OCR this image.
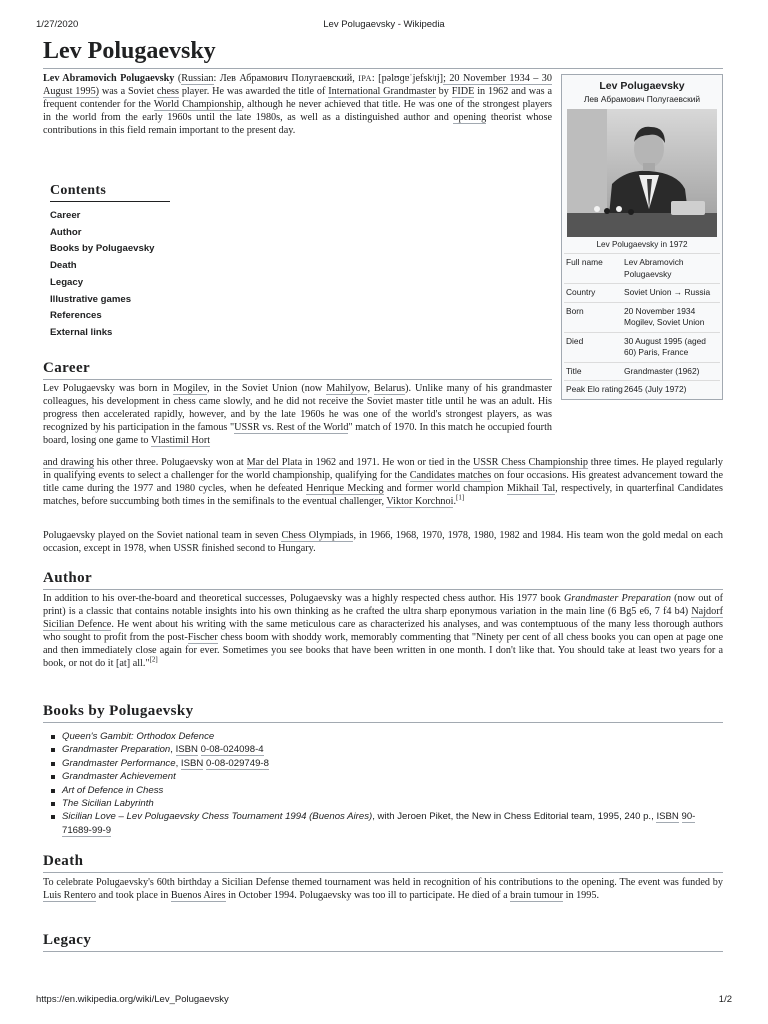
1/27/2020	Lev Polugaevsky - Wikipedia
Lev Polugaevsky

Lev Abramovich Polugaevsky (Russian: Лев Абрамович Полугаевский, IPA: [pəlʊɡɐˈjefskʲɪj]; 20 November 1934 – 30 August 1995) was a Soviet chess player. He was awarded the title of International Grandmaster by FIDE in 1962 and was a frequent contender for the World Championship, although he never achieved that title. He was one of the strongest players in the world from the early 1960s until the late 1980s, as well as a distinguished author and opening theorist whose contributions in this field remain important to the present day.

Lev Polugaevsky
Лев Абрамович Полугаевский
Lev Polugaevsky in 1972
Full name	Lev Abramovich Polugaevsky
Country	Soviet Union → Russia
Born	20 November 1934 Mogilev, Soviet Union
Died	30 August 1995 (aged 60) Paris, France
Title	Grandmaster (1962)
Peak Elo rating 2645 (July 1972)
Contents
Career
Author
Books by Polugaevsky
Death
Legacy
Illustrative games
References
External links
Career

Lev Polugaevsky was born in Mogilev, in the Soviet Union (now Mahilyow, Belarus). Unlike many of his grandmaster colleagues, his development in chess came slowly, and he did not receive the Soviet master title until he was an adult. His progress then accelerated rapidly, however, and by the late 1960s he was one of the world's strongest players, as was recognized by his participation in the famous "USSR vs. Rest of the World" match of 1970. In this match he occupied fourth board, losing one game to Vlastimil Hort

and drawing his other three. Polugaevsky won at Mar del Plata in 1962 and 1971. He won or tied in the USSR Chess Championship three times. He played regularly in qualifying events to select a challenger for the world championship, qualifying for the Candidates matches on four occasions. His greatest advancement toward the title came during the 1977 and 1980 cycles, when he defeated Henrique Mecking and former world champion Mikhail Tal, respectively, in quarterfinal Candidates matches, before succumbing both times in the semifinals to the eventual challenger, Viktor Korchnoi.[1]

Polugaevsky played on the Soviet national team in seven Chess Olympiads, in 1966, 1968, 1970, 1978, 1980, 1982 and 1984. His team won the gold medal on each occasion, except in 1978, when USSR finished second to Hungary.

Author

In addition to his over-the-board and theoretical successes, Polugaevsky was a highly respected chess author. His 1977 book Grandmaster Preparation (now out of print) is a classic that contains notable insights into his own thinking as he crafted the ultra sharp eponymous variation in the main line (6 Bg5 e6, 7 f4 b4) Najdorf Sicilian Defence. He went about his writing with the same meticulous care as characterized his analyses, and was contemptuous of the many less thorough authors who sought to profit from the post-Fischer chess boom with shoddy work, memorably commenting that "Ninety per cent of all chess books you can open at page one and then immediately close again for ever. Sometimes you see books that have been written in one month. I don't like that. You should take at least two years for a book, or not do it [at] all."[2]

Books by Polugaevsky
Queen's Gambit: Orthodox Defence
Grandmaster Preparation, ISBN 0-08-024098-4
Grandmaster Performance, ISBN 0-08-029749-8
Grandmaster Achievement
Art of Defence in Chess
The Sicilian Labyrinth
Sicilian Love – Lev Polugaevsky Chess Tournament 1994 (Buenos Aires), with Jeroen Piket, the New in Chess Editorial team, 1995, 240 p., ISBN 90-71689-99-9
Death

To celebrate Polugaevsky's 60th birthday a Sicilian Defense themed tournament was held in recognition of his contributions to the opening. The event was funded by Luis Rentero and took place in Buenos Aires in October 1994. Polugaevsky was too ill to participate. He died of a brain tumour in 1995.

Legacy
https://en.wikipedia.org/wiki/Lev_Polugaevsky	1/2
